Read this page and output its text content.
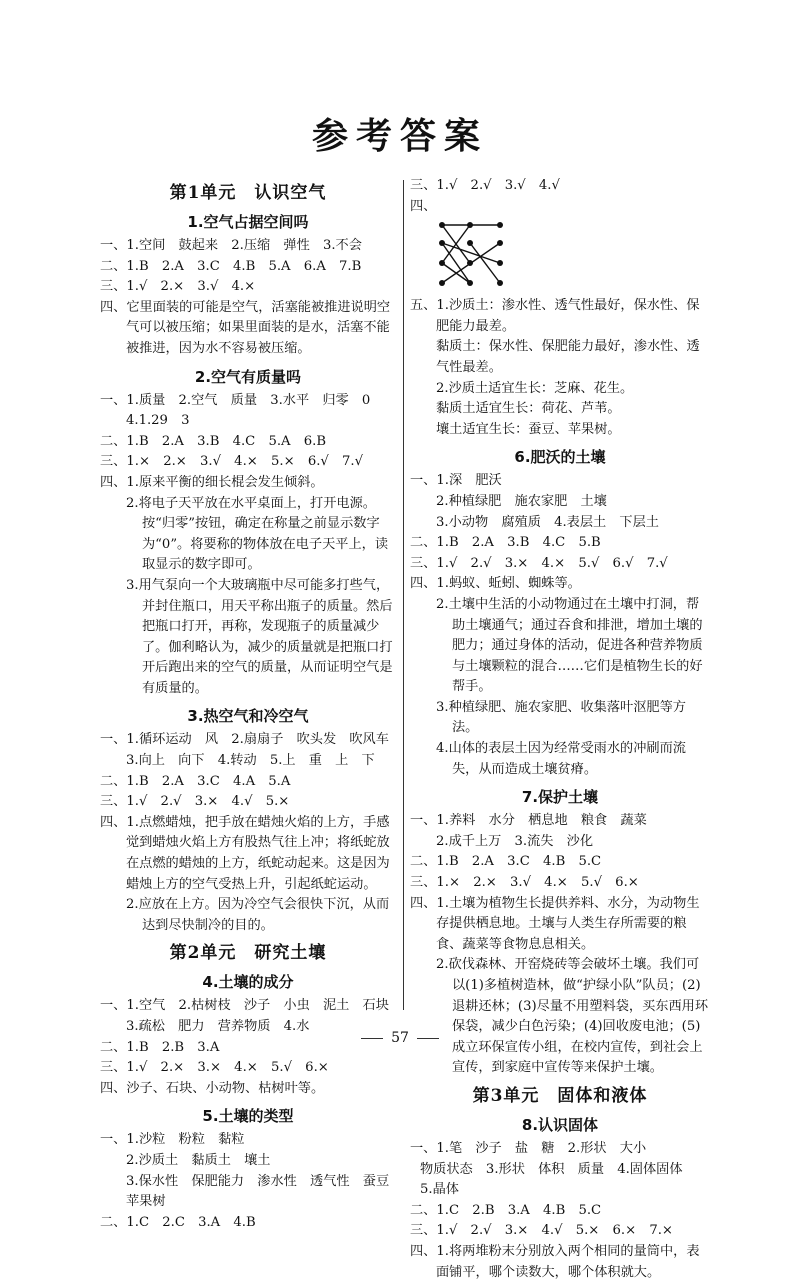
参考答案
第1单元 认识空气
1.空气占据空间吗
一、1.空间　鼓起来　2.压缩　弹性　3.不会
二、1.B　2.A　3.C　4.B　5.A　6.A　7.B
三、1.√　2.×　3.√　4.×
四、它里面装的可能是空气，活塞能被推进说明空气可以被压缩；如果里面装的是水，活塞不能被推进，因为水不容易被压缩。
2.空气有质量吗
一、1.质量　2.空气　质量　3.水平　归零　0
4.1.29　3
二、1.B　2.A　3.B　4.C　5.A　6.B
三、1.×　2.×　3.√　4.×　5.×　6.√　7.√
四、1.原来平衡的细长棍会发生倾斜。
2.将电子天平放在水平桌面上，打开电源。按“归零”按钮，确定在称量之前显示数字为“0”。将要称的物体放在电子天平上，读取显示的数字即可。
3.用气泵向一个大玻璃瓶中尽可能多打些气，并封住瓶口，用天平称出瓶子的质量。然后把瓶口打开，再称，发现瓶子的质量减少了。伽利略认为，减少的质量就是把瓶口打开后跑出来的空气的质量，从而证明空气是有质量的。
3.热空气和冷空气
一、1.循环运动　风　2.扇扇子　吹头发　吹风车
3.向上　向下　4.转动　5.上　重　上　下
二、1.B　2.A　3.C　4.A　5.A
三、1.√　2.√　3.×　4.√　5.×
四、1.点燃蜡烛，把手放在蜡烛火焰的上方，手感觉到蜡烛火焰上方有股热气往上冲；将纸蛇放在点燃的蜡烛的上方，纸蛇动起来。这是因为蜡烛上方的空气受热上升，引起纸蛇运动。
2.应放在上方。因为冷空气会很快下沉，从而达到尽快制冷的目的。
第2单元 研究土壤
4.土壤的成分
一、1.空气　2.枯树枝　沙子　小虫　泥土　石块
3.疏松　肥力　营养物质　4.水
二、1.B　2.B　3.A
三、1.√　2.×　3.×　4.×　5.√　6.×
四、沙子、石块、小动物、枯树叶等。
5.土壤的类型
一、1.沙粒　粉粒　黏粒
2.沙质土　黏质土　壤土
3.保水性　保肥能力　渗水性　透气性　蚕豆　苹果树
二、1.C　2.C　3.A　4.B
三、1.√　2.√　3.√　4.√
四、
五、1.沙质土：渗水性、透气性最好，保水性、保肥能力最差。
黏质土：保水性、保肥能力最好，渗水性、透气性最差。
2.沙质土适宜生长：芝麻、花生。
黏质土适宜生长：荷花、芦苇。
壤土适宜生长：蚕豆、苹果树。
6.肥沃的土壤
一、1.深　肥沃
2.种植绿肥　施农家肥　土壤
3.小动物　腐殖质　4.表层土　下层土
二、1.B　2.A　3.B　4.C　5.B
三、1.√　2.√　3.×　4.×　5.√　6.√　7.√
四、1.蚂蚁、蚯蚓、蜘蛛等。
2.土壤中生活的小动物通过在土壤中打洞，帮助土壤通气；通过吞食和排泄，增加土壤的肥力；通过身体的活动，促进各种营养物质与土壤颗粒的混合……它们是植物生长的好帮手。
3.种植绿肥、施农家肥、收集落叶沤肥等方法。
4.山体的表层土因为经常受雨水的冲刷而流失，从而造成土壤贫瘠。
7.保护土壤
一、1.养料　水分　栖息地　粮食　蔬菜
2.成千上万　3.流失　沙化
二、1.B　2.A　3.C　4.B　5.C
三、1.×　2.×　3.√　4.×　5.√　6.×
四、1.土壤为植物生长提供养料、水分，为动物生存提供栖息地。土壤与人类生存所需要的粮食、蔬菜等食物息息相关。
2.砍伐森林、开窑烧砖等会破坏土壤。我们可以(1)多植树造林，做“护绿小队”队员；(2)退耕还林；(3)尽量不用塑料袋，买东西用环保袋，减少白色污染；(4)回收废电池；(5)成立环保宣传小组，在校内宣传，到社会上宣传，到家庭中宣传等来保护土壤。
第3单元 固体和液体
8.认识固体
一、1.笔　沙子　盐　糖　2.形状　大小
物质状态　3.形状　体积　质量　4.固体固体
5.晶体
二、1.C　2.B　3.A　4.B　5.C
三、1.√　2.√　3.×　4.√　5.×　6.×　7.×
四、1.将两堆粉末分别放入两个相同的量筒中，表面铺平，哪个读数大，哪个体积就大。
57
